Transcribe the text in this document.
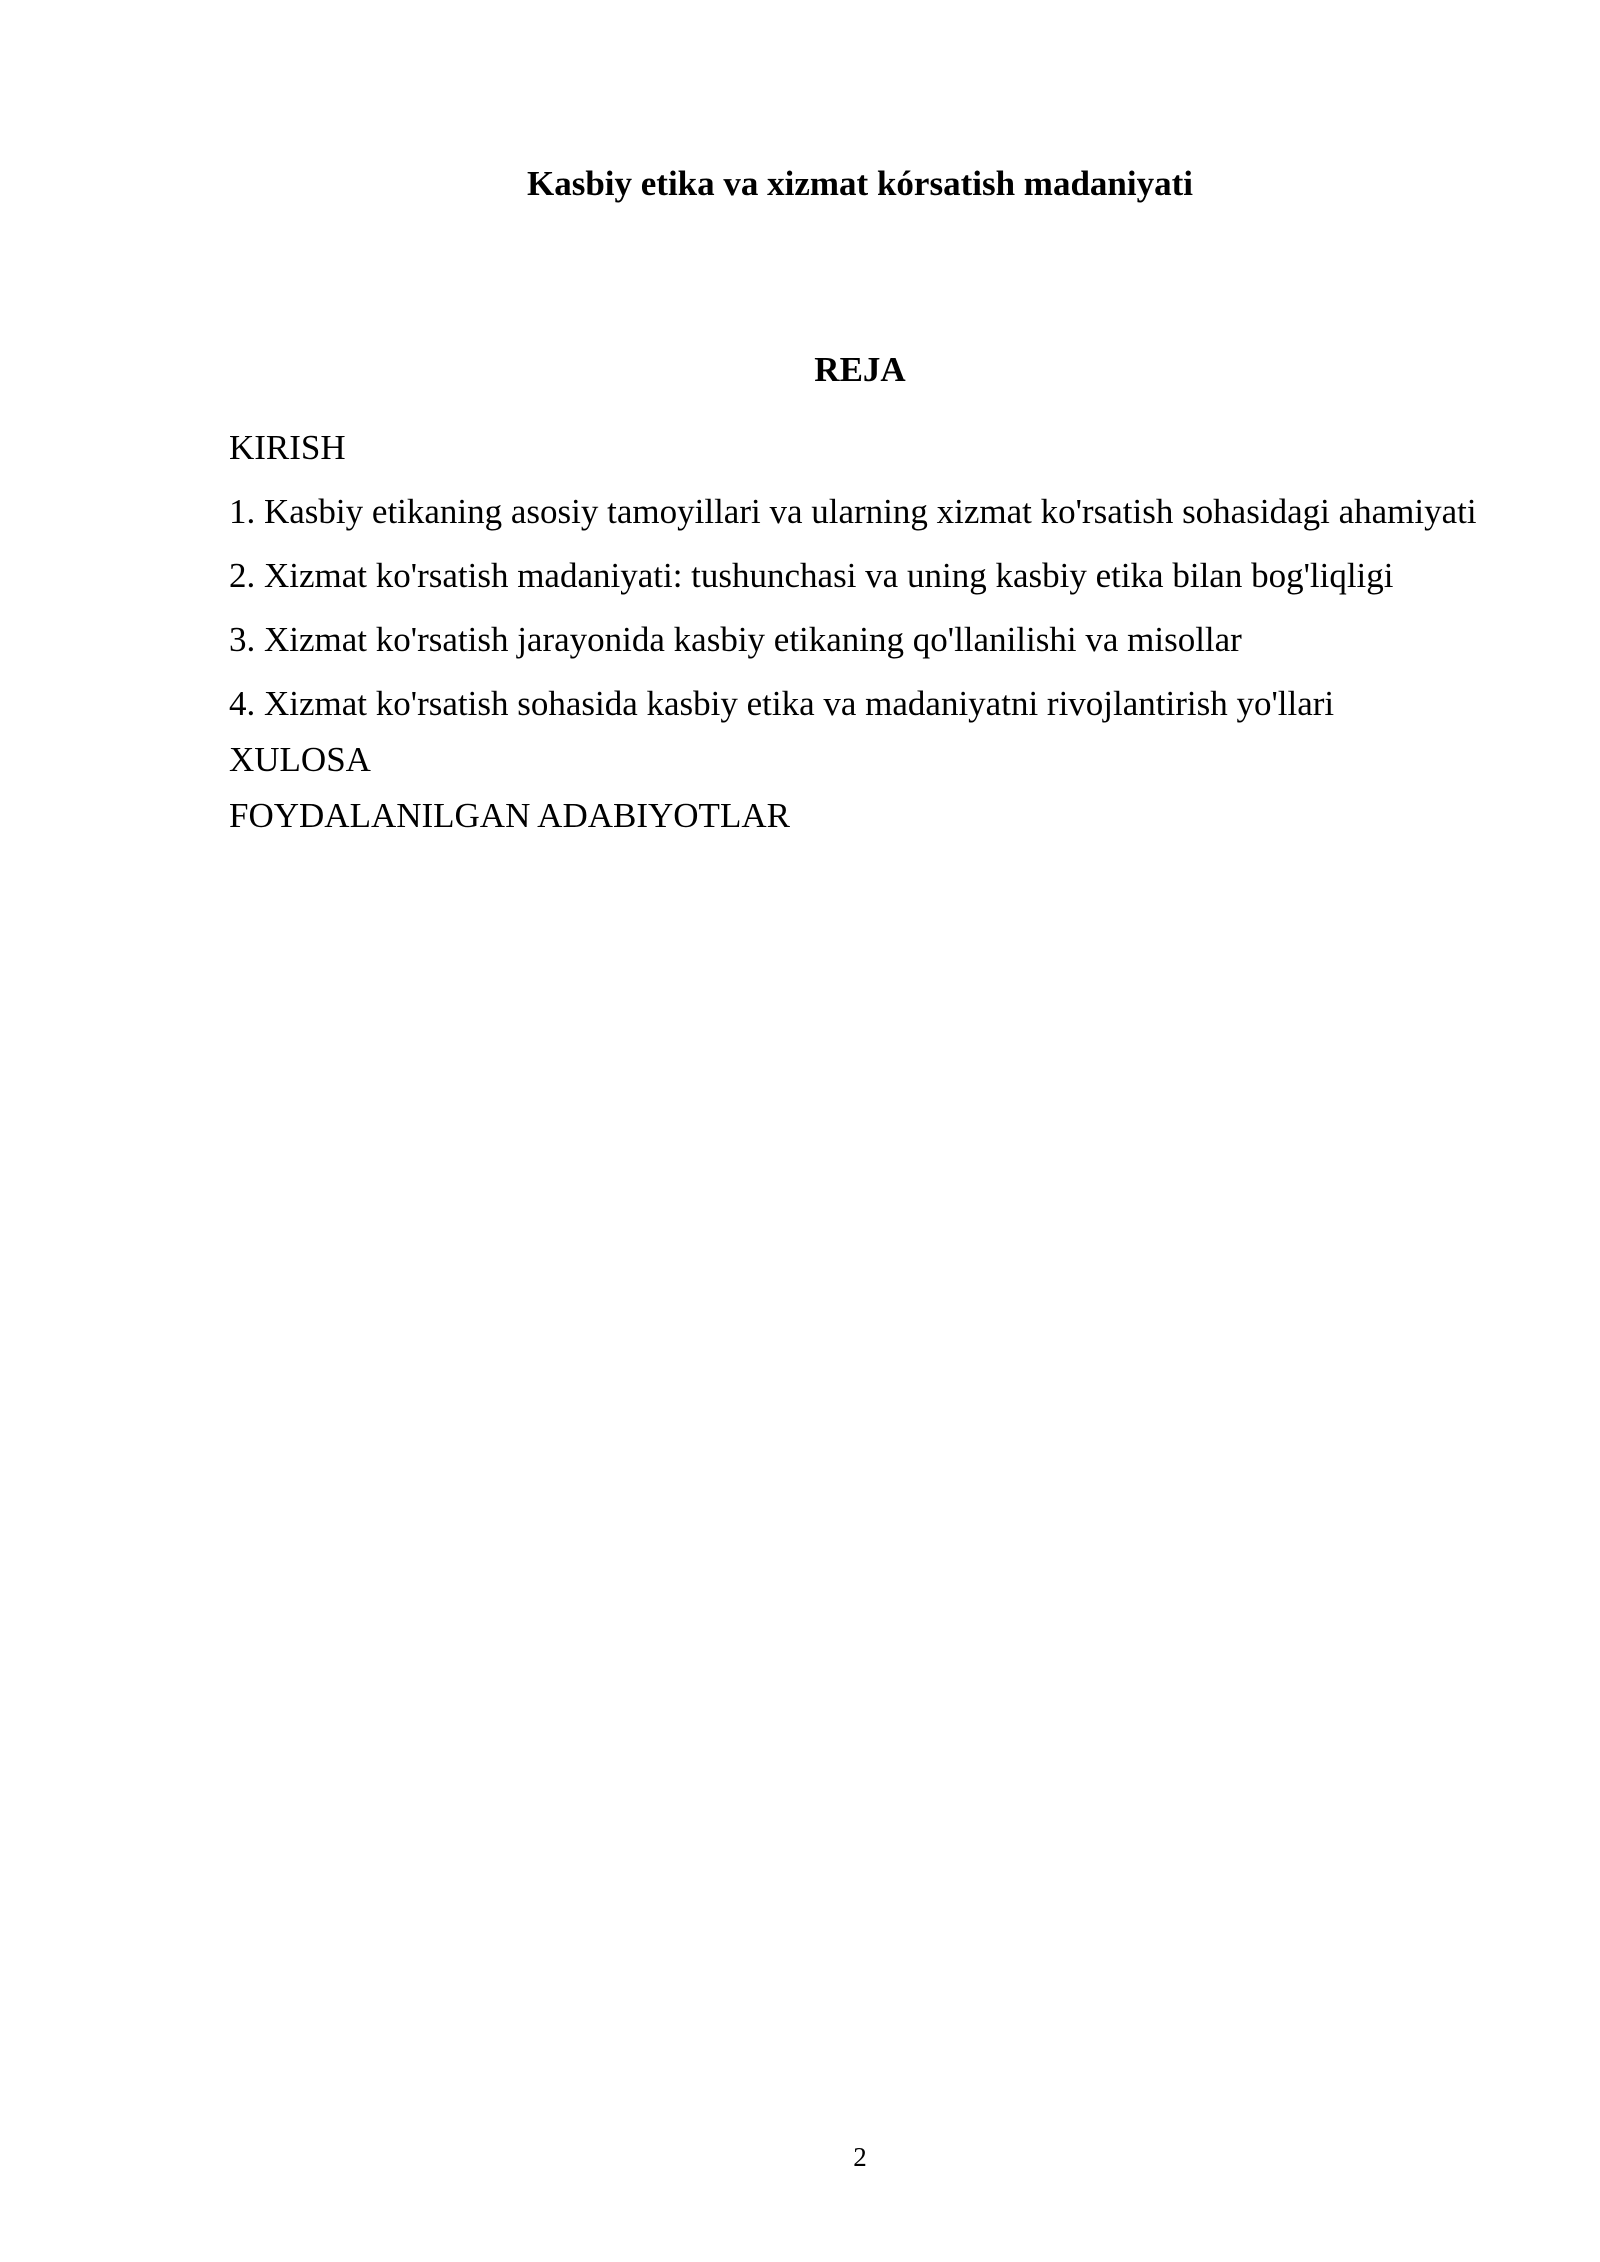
Kasbiy etika va xizmat kórsatish madaniyati
REJA
KIRISH
1. Kasbiy etikaning asosiy tamoyillari va ularning xizmat ko'rsatish sohasidagi ahamiyati
2. Xizmat ko'rsatish madaniyati: tushunchasi va uning kasbiy etika bilan bog'liqligi
3. Xizmat ko'rsatish jarayonida kasbiy etikaning qo'llanilishi va misollar
4. Xizmat ko'rsatish sohasida kasbiy etika va madaniyatni rivojlantirish yo'llari
XULOSA
FOYDALANILGAN ADABIYOTLAR
2
